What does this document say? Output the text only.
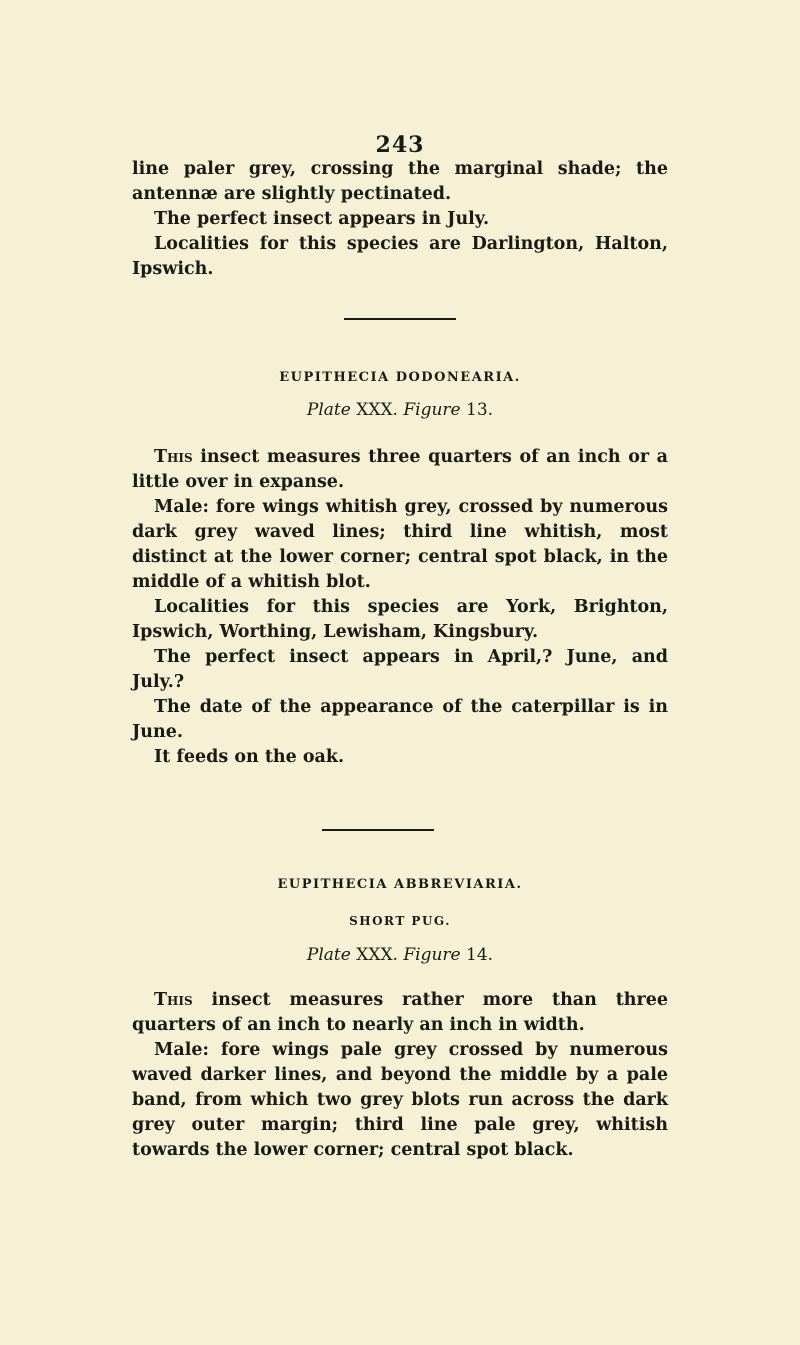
243

line paler grey, crossing the marginal shade; the antennæ are slightly pectinated.

The perfect insect appears in July.

Localities for this species are Darlington, Halton, Ipswich.

EUPITHECIA DODONEARIA.
Plate XXX. Figure 13.

This insect measures three quarters of an inch or a little over in expanse.

Male: fore wings whitish grey, crossed by numerous dark grey waved lines; third line whitish, most distinct at the lower corner; central spot black, in the middle of a whitish blot.

Localities for this species are York, Brighton, Ipswich, Worthing, Lewisham, Kingsbury.

The perfect insect appears in April,? June, and July.?

The date of the appearance of the caterpillar is in June.

It feeds on the oak.

EUPITHECIA ABBREVIARIA.
SHORT PUG.
Plate XXX. Figure 14.

This insect measures rather more than three quarters of an inch to nearly an inch in width.

Male: fore wings pale grey crossed by numerous waved darker lines, and beyond the middle by a pale band, from which two grey blots run across the dark grey outer margin; third line pale grey, whitish towards the lower corner; central spot black.
